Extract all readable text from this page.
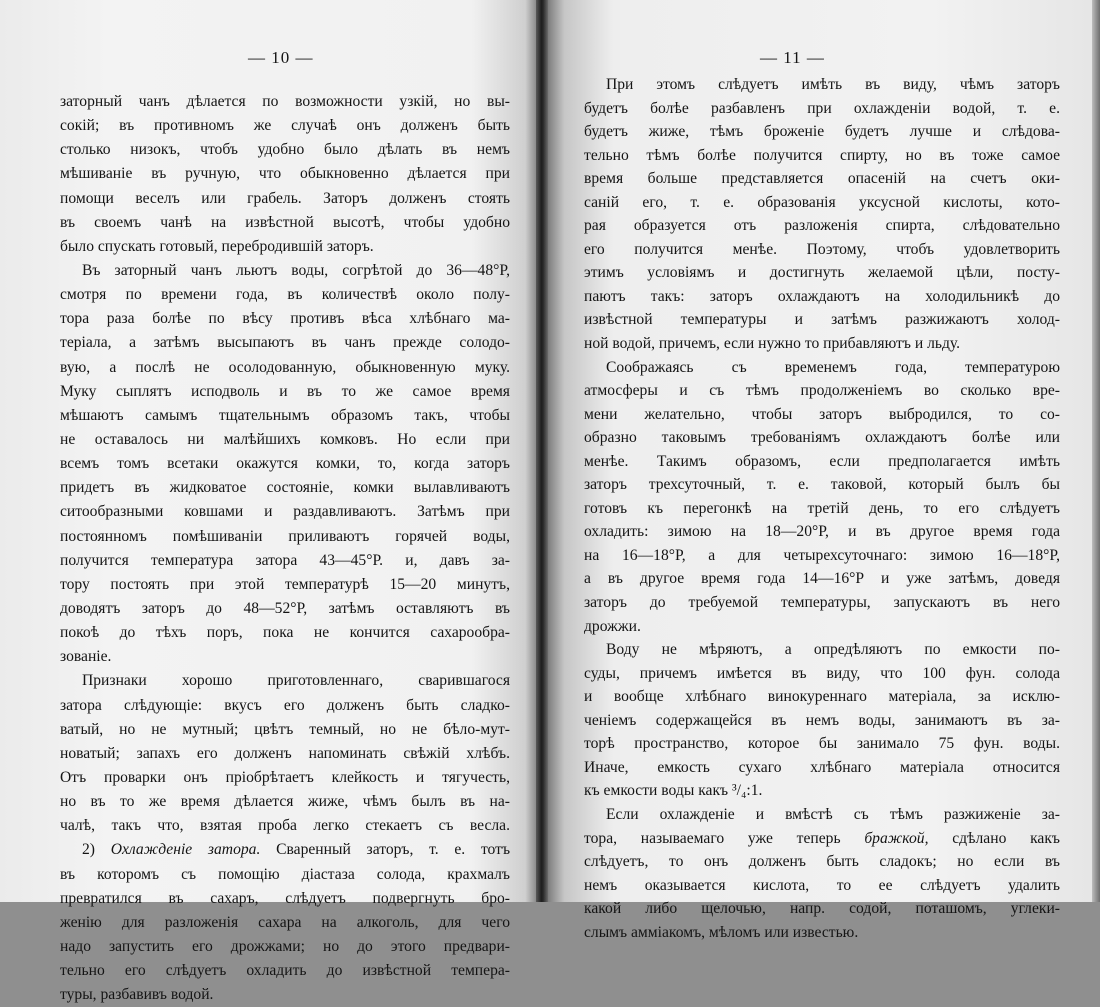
— 10 —
заторный чанъ дѣлается по возможности узкій, но вы-
сокій; въ противномъ же случаѣ онъ долженъ быть
столько низокъ, чтобъ удобно было дѣлать въ немъ
мѣшиваніе въ ручную, что обыкновенно дѣлается при
помощи веселъ или грабель. Заторъ долженъ стоять
въ своемъ чанѣ на извѣстной высотѣ, чтобы удобно
было спускать готовый, перебродившій заторъ.
Въ заторный чанъ льютъ воды, согрѣтой до 36—48°Р,
смотря по времени года, въ количествѣ около полу-
тора раза болѣе по вѣсу противъ вѣса хлѣбнаго ма-
теріала, а затѣмъ высыпаютъ въ чанъ прежде солодо-
вую, а послѣ не осолодованную, обыкновенную муку.
Муку сыплятъ исподволь и въ то же самое время
мѣшаютъ самымъ тщательнымъ образомъ такъ, чтобы
не оставалось ни малѣйшихъ комковъ. Но если при
всемъ томъ всетаки окажутся комки, то, когда заторъ
придетъ въ жидковатое состояніе, комки вылавливаютъ
ситообразными ковшами и раздавливаютъ. Затѣмъ при
постоянномъ помѣшиваніи приливаютъ горячей воды,
получится температура затора 43—45°Р. и, давъ за-
тору постоять при этой температурѣ 15—20 минутъ,
доводятъ заторъ до 48—52°Р, затѣмъ оставляютъ въ
покоѣ до тѣхъ поръ, пока не кончится сахарообра-
зованіе.
Признаки хорошо приготовленнаго, сварившагося
затора слѣдующіе: вкусъ его долженъ быть сладко-
ватый, но не мутный; цвѣтъ темный, но не бѣло-мут-
новатый; запахъ его долженъ напоминать свѣжій хлѣбъ.
Отъ проварки онъ пріобрѣтаетъ клейкость и тягучесть,
но въ то же время дѣлается жиже, чѣмъ былъ въ на-
чалѣ, такъ что, взятая проба легко стекаетъ съ весла.
2) Охлажденіе затора. Сваренный заторъ, т. е. тотъ
въ которомъ съ помощію діастаза солода, крахмалъ
превратился въ сахаръ, слѣдуетъ подвергнуть бро-
женію для разложенія сахара на алкоголь, для чего
надо запустить его дрожжами; но до этого предвари-
тельно его слѣдуетъ охладить до извѣстной темпера-
туры, разбавивъ водой.
— 11 —
При этомъ слѣдуетъ имѣть въ виду, чѣмъ заторъ
будетъ болѣе разбавленъ при охлажденіи водой, т. е.
будетъ жиже, тѣмъ броженіе будетъ лучше и слѣдова-
тельно тѣмъ болѣе получится спирту, но въ тоже самое
время больше представляется опасеній на счетъ оки-
саній его, т. е. образованія уксусной кислоты, кото-
рая образуется отъ разложенія спирта, слѣдовательно
его получится менѣе. Поэтому, чтобъ удовлетворить
этимъ условіямъ и достигнуть желаемой цѣли, посту-
паютъ такъ: заторъ охлаждаютъ на холодильникѣ до
извѣстной температуры и затѣмъ разжижаютъ холод-
ной водой, причемъ, если нужно то прибавляютъ и льду.
Соображаясь съ временемъ года, температурою
атмосферы и съ тѣмъ продолженіемъ во сколько вре-
мени желательно, чтобы заторъ выбродился, то со-
образно таковымъ требованіямъ охлаждаютъ болѣе или
менѣе. Такимъ образомъ, если предполагается имѣть
заторъ трехсуточный, т. е. таковой, который былъ бы
готовъ къ перегонкѣ на третій день, то его слѣдуетъ
охладить: зимою на 18—20°Р, и въ другое время года
на 16—18°Р, а для четырехсуточнаго: зимою 16—18°Р,
а въ другое время года 14—16°Р и уже затѣмъ, доведя
заторъ до требуемой температуры, запускаютъ въ него
дрожжи.
Воду не мѣряютъ, а опредѣляютъ по емкости по-
суды, причемъ имѣется въ виду, что 100 фун. солода
и вообще хлѣбнаго винокуреннаго матеріала, за исклю-
ченіемъ содержащейся въ немъ воды, занимаютъ въ за-
торѣ пространство, которое бы занимало 75 фун. воды.
Иначе, емкость сухаго хлѣбнаго матеріала относится
къ емкости воды какъ ³/₄:1.
Если охлажденіе и вмѣстѣ съ тѣмъ разжиженіе за-
тора, называемаго уже теперь бражкой, сдѣлано какъ
слѣдуетъ, то онъ долженъ быть сладокъ; но если въ
немъ оказывается кислота, то ее слѣдуетъ удалить
какой либо щелочью, напр. содой, поташомъ, углеки-
слымъ аммiакомъ, мѣломъ или известью.
